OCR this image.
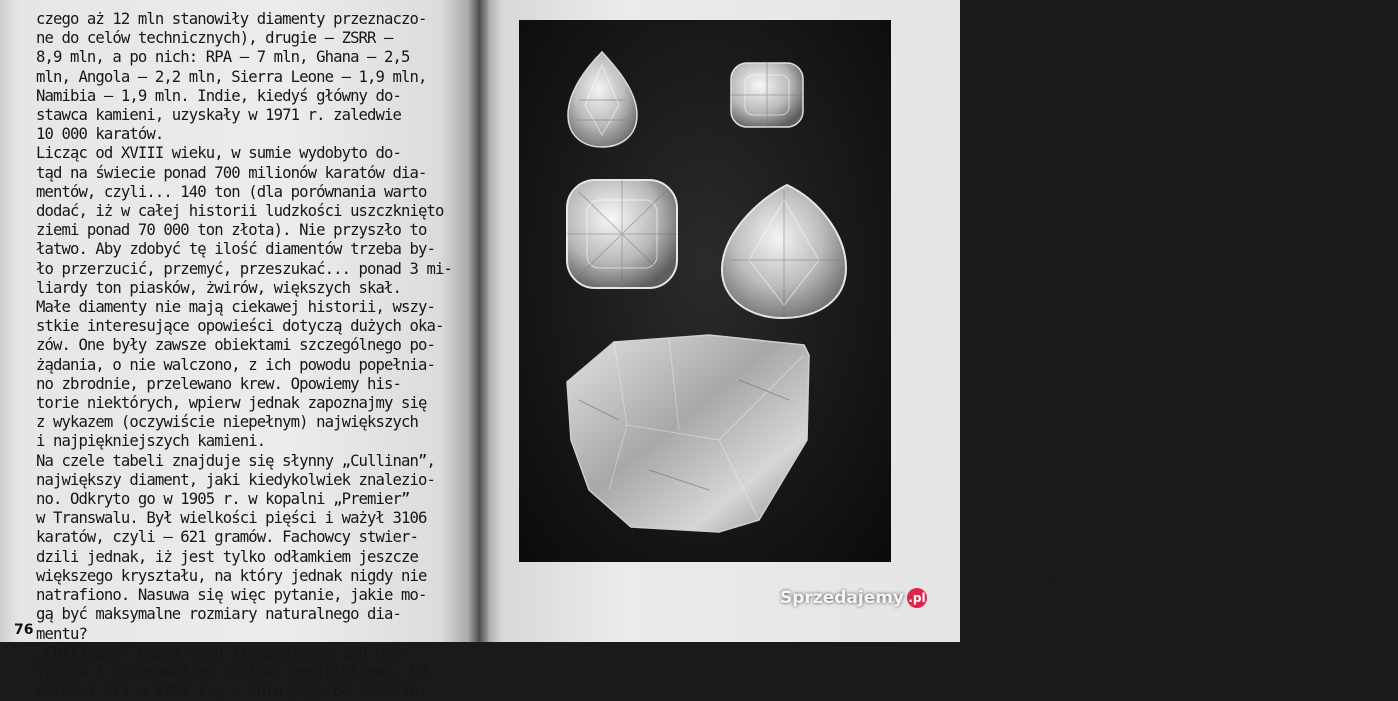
czego aż 12 mln stanowiły diamenty przeznaczo-
ne do celów technicznych), drugie — ZSRR —
8,9 mln, a po nich: RPA — 7 mln, Ghana — 2,5
mln, Angola — 2,2 mln, Sierra Leone — 1,9 mln,
Namibia — 1,9 mln. Indie, kiedyś główny do-
stawca kamieni, uzyskały w 1971 r. zaledwie
10 000 karatów.
Licząc od XVIII wieku, w sumie wydobyto do-
tąd na świecie ponad 700 milionów karatów dia-
mentów, czyli... 140 ton (dla porównania warto
dodać, iż w całej historii ludzkości uszczknięto
ziemi ponad 70 000 ton złota). Nie przyszło to
łatwo. Aby zdobyć tę ilość diamentów trzeba by-
ło przerzucić, przemyć, przeszukać... ponad 3 mi-
liardy ton piasków, żwirów, większych skał.
Małe diamenty nie mają ciekawej historii, wszy-
stkie interesujące opowieści dotyczą dużych oka-
zów. One były zawsze obiektami szczególnego po-
żądania, o nie walczono, z ich powodu popełnia-
no zbrodnie, przelewano krew. Opowiemy his-
torie niektórych, wpierw jednak zapoznajmy się
z wykazem (oczywiście niepełnym) największych
i najpiękniejszych kamieni.
Na czele tabeli znajduje się słynny „Cullinan”,
największy diament, jaki kiedykolwiek znalezio-
no. Odkryto go w 1905 r. w kopalni „Premier”
w Transwalu. Był wielkości pięści i ważył 3106
karatów, czyli — 621 gramów. Fachowcy stwier-
dzili jednak, iż jest tylko odłamkiem jeszcze
większego kryształu, na który jednak nigdy nie
natrafiono. Nasuwa się więc pytanie, jakie mo-
gą być maksymalne rozmiary naturalnego dia-
mentu?
„Cullinana” nabył rząd Transwalu za 150 000
funtów i ofiarował go królowi angielskiemu, Ed-
wardowi VII w 1907 r., w dniu jego 68 urodzin.
76
„CULLINAN” — NAJWIĘKSZY DIAMENT ŚWIATA (NA DOLE
W STANIE SUROWYM, POWYŻEJ; 4 Z 9 DUŻYCH DIAMEN-
TÓW I 95 MAŁYCH)
Sprzedajemy .pl
